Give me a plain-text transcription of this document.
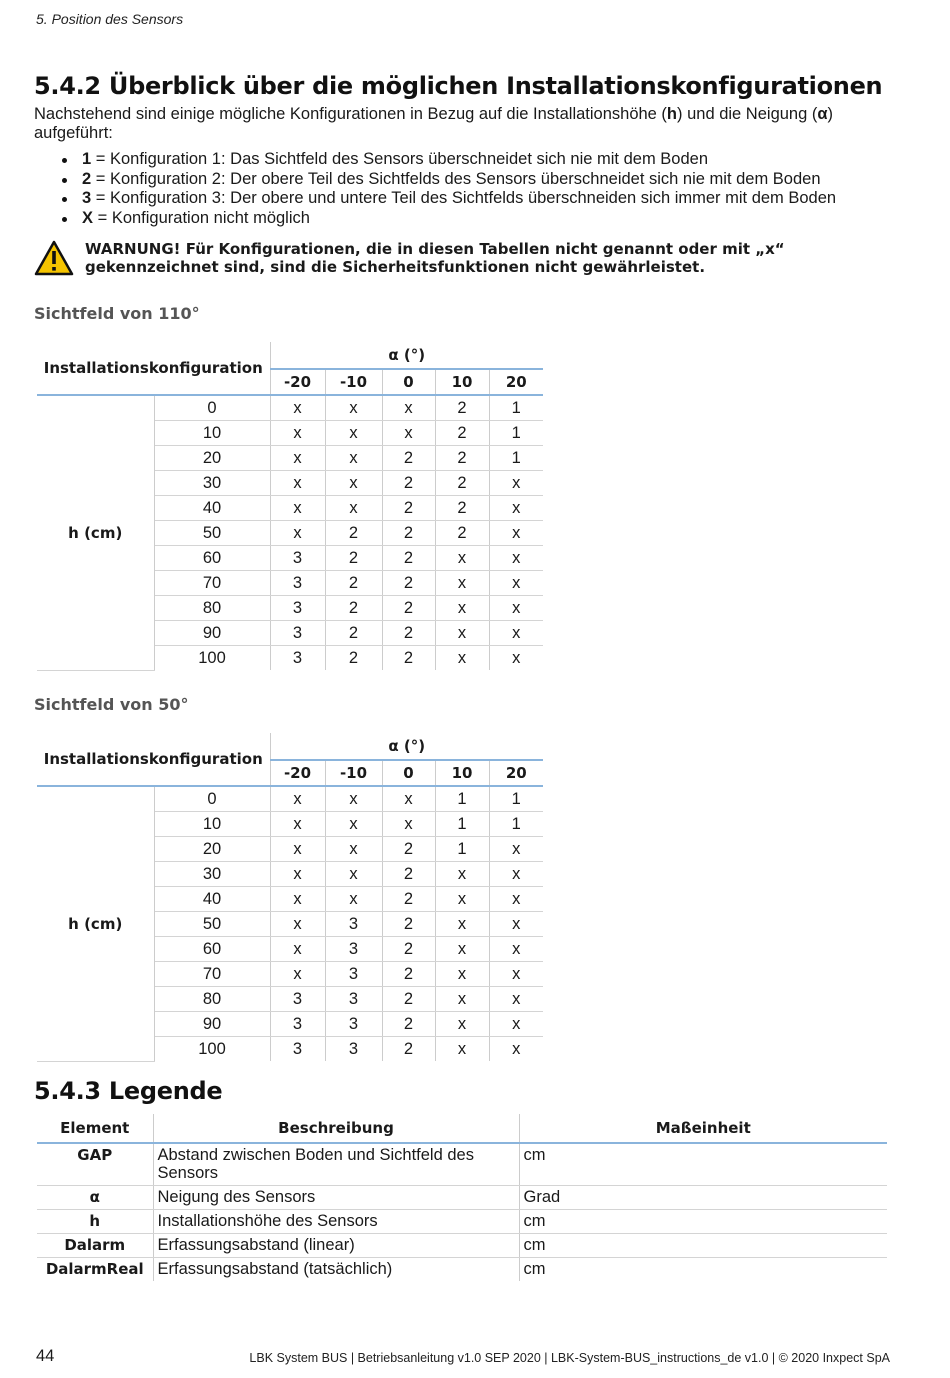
5. Position des Sensors
5.4.2 Überblick über die möglichen Installationskonfigurationen

Nachstehend sind einige mögliche Konfigurationen in Bezug auf die Installationshöhe (h) und die Neigung (α) aufgeführt:

1 = Konfiguration 1: Das Sichtfeld des Sensors überschneidet sich nie mit dem Boden
2 = Konfiguration 2: Der obere Teil des Sichtfelds des Sensors überschneidet sich nie mit dem Boden
3 = Konfiguration 3: Der obere und untere Teil des Sichtfelds überschneiden sich immer mit dem Boden
X = Konfiguration nicht möglich
WARNUNG! Für Konfigurationen, die in diesen Tabellen nicht genannt oder mit „x“ gekennzeichnet sind, sind die Sicherheitsfunktionen nicht gewährleistet.
Sichtfeld von 110°
Installationskonfiguration		α (°)				
		-20	-10	0	10	20
h (cm)	0	x	x	x	2	1
	10	x	x	x	2	1
	20	x	x	2	2	1
	30	x	x	2	2	x
	40	x	x	2	2	x
	50	x	2	2	2	x
	60	3	2	2	x	x
	70	3	2	2	x	x
	80	3	2	2	x	x
	90	3	2	2	x	x
	100	3	2	2	x	x
Sichtfeld von 50°
Installationskonfiguration		α (°)				
		-20	-10	0	10	20
h (cm)	0	x	x	x	1	1
	10	x	x	x	1	1
	20	x	x	2	1	x
	30	x	x	2	x	x
	40	x	x	2	x	x
	50	x	3	2	x	x
	60	x	3	2	x	x
	70	x	3	2	x	x
	80	3	3	2	x	x
	90	3	3	2	x	x
	100	3	3	2	x	x
5.4.3 Legende
Element	Beschreibung	Maßeinheit
GAP	Abstand zwischen Boden und Sichtfeld des Sensors	cm
α	Neigung des Sensors	Grad
h	Installationshöhe des Sensors	cm
Dalarm	Erfassungsabstand (linear)	cm
DalarmReal	Erfassungsabstand (tatsächlich)	cm
44	LBK System BUS | Betriebsanleitung v1.0 SEP 2020 | LBK-System-BUS_instructions_de v1.0 | © 2020 Inxpect SpA
